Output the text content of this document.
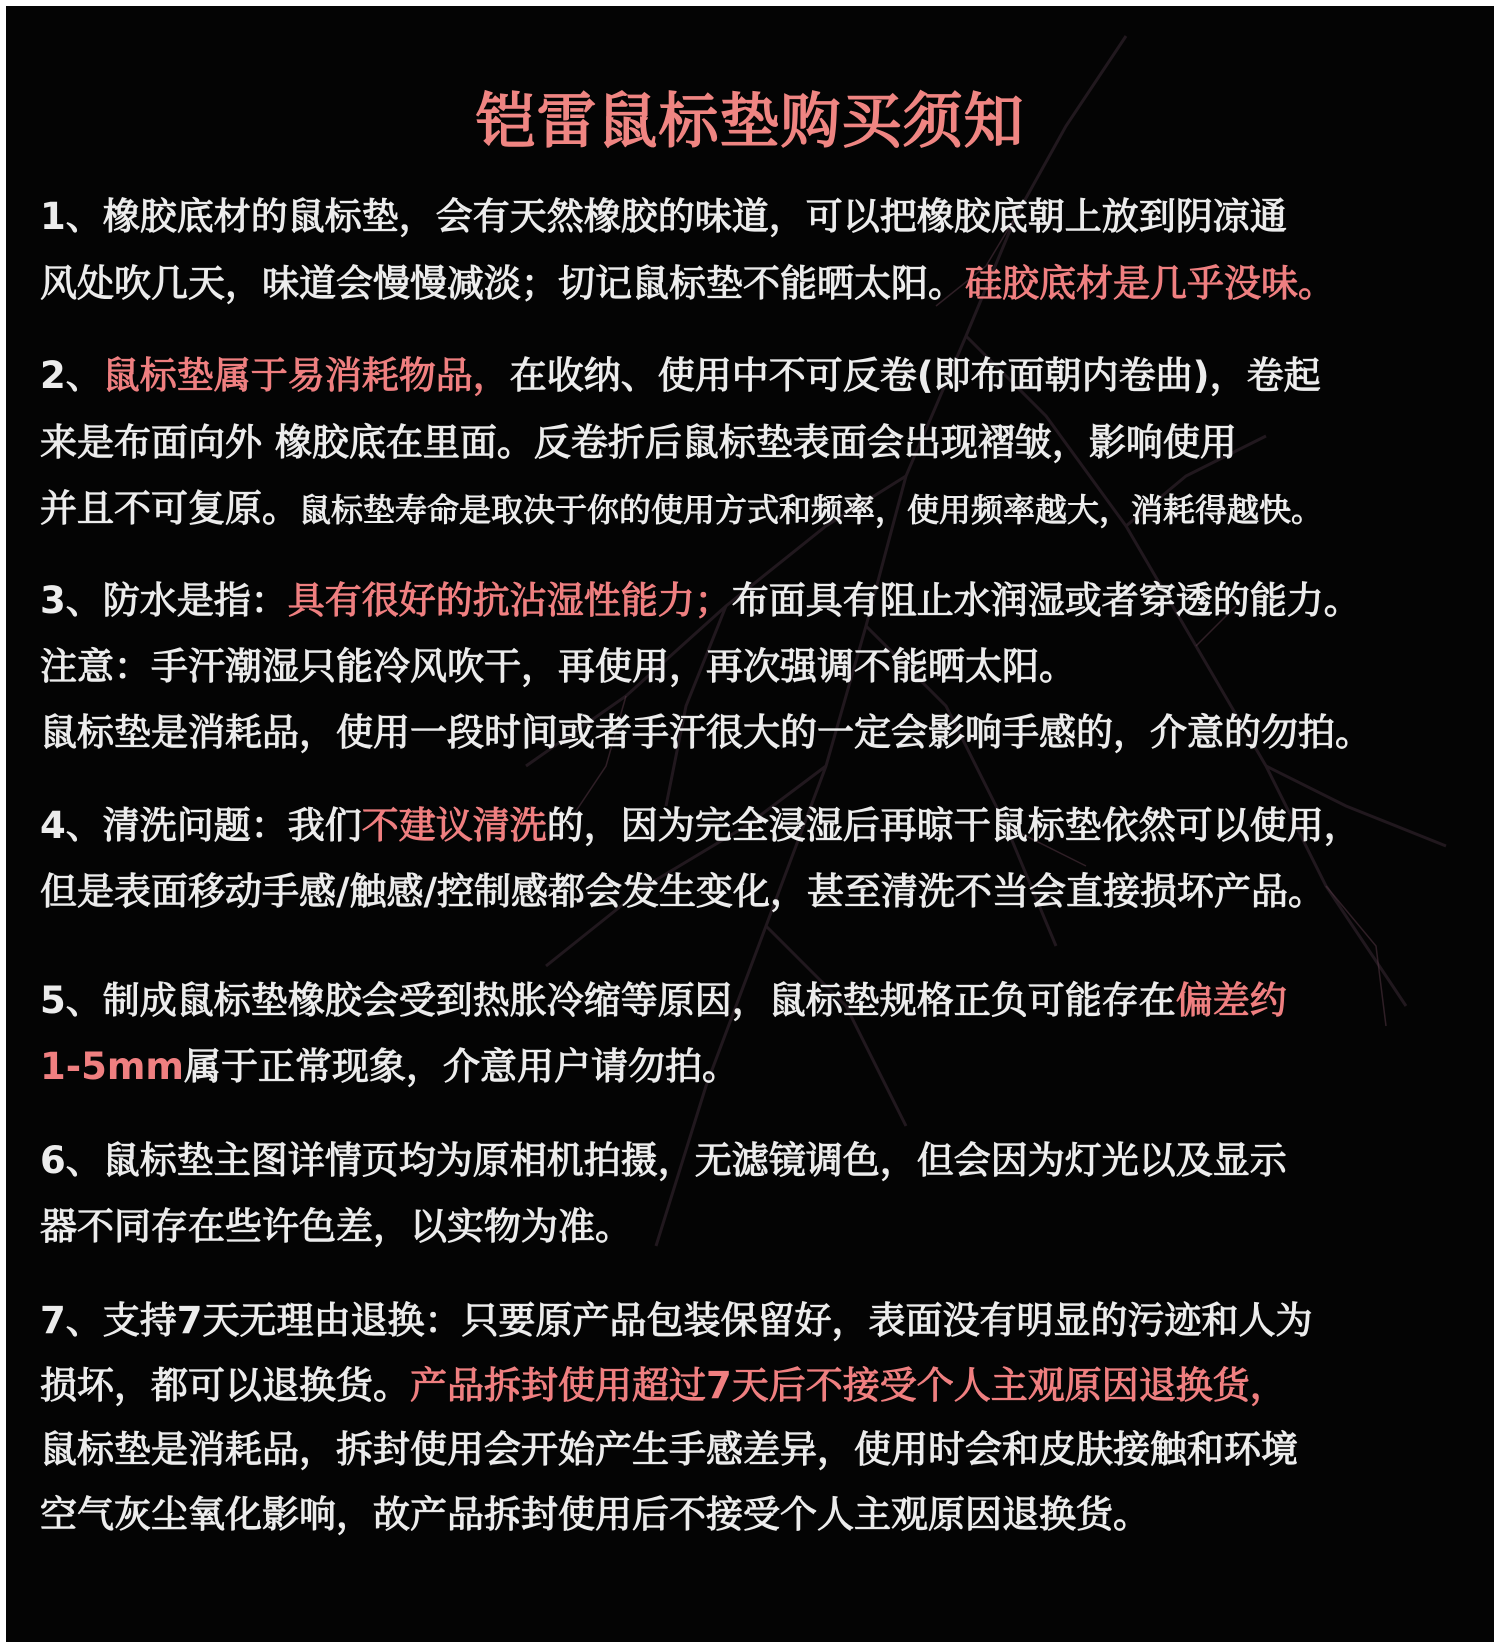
铠雷鼠标垫购买须知
1、橡胶底材的鼠标垫，会有天然橡胶的味道，可以把橡胶底朝上放到阴凉通
风处吹几天，味道会慢慢减淡；切记鼠标垫不能晒太阳。硅胶底材是几乎没味。
2、鼠标垫属于易消耗物品，在收纳、使用中不可反卷(即布面朝内卷曲)，卷起
来是布面向外 橡胶底在里面。反卷折后鼠标垫表面会出现褶皱，影响使用
并且不可复原。鼠标垫寿命是取决于你的使用方式和频率，使用频率越大，消耗得越快。
3、防水是指：具有很好的抗沾湿性能力；布面具有阻止水润湿或者穿透的能力。
注意：手汗潮湿只能冷风吹干，再使用，再次强调不能晒太阳。
鼠标垫是消耗品，使用一段时间或者手汗很大的一定会影响手感的，介意的勿拍。
4、清洗问题：我们不建议清洗的，因为完全浸湿后再晾干鼠标垫依然可以使用，
但是表面移动手感/触感/控制感都会发生变化，甚至清洗不当会直接损坏产品。
5、制成鼠标垫橡胶会受到热胀冷缩等原因，鼠标垫规格正负可能存在偏差约
1-5mm属于正常现象，介意用户请勿拍。
6、鼠标垫主图详情页均为原相机拍摄，无滤镜调色，但会因为灯光以及显示
器不同存在些许色差，以实物为准。
7、支持7天无理由退换：只要原产品包装保留好，表面没有明显的污迹和人为
损坏，都可以退换货。产品拆封使用超过7天后不接受个人主观原因退换货，
鼠标垫是消耗品，拆封使用会开始产生手感差异，使用时会和皮肤接触和环境
空气灰尘氧化影响，故产品拆封使用后不接受个人主观原因退换货。
